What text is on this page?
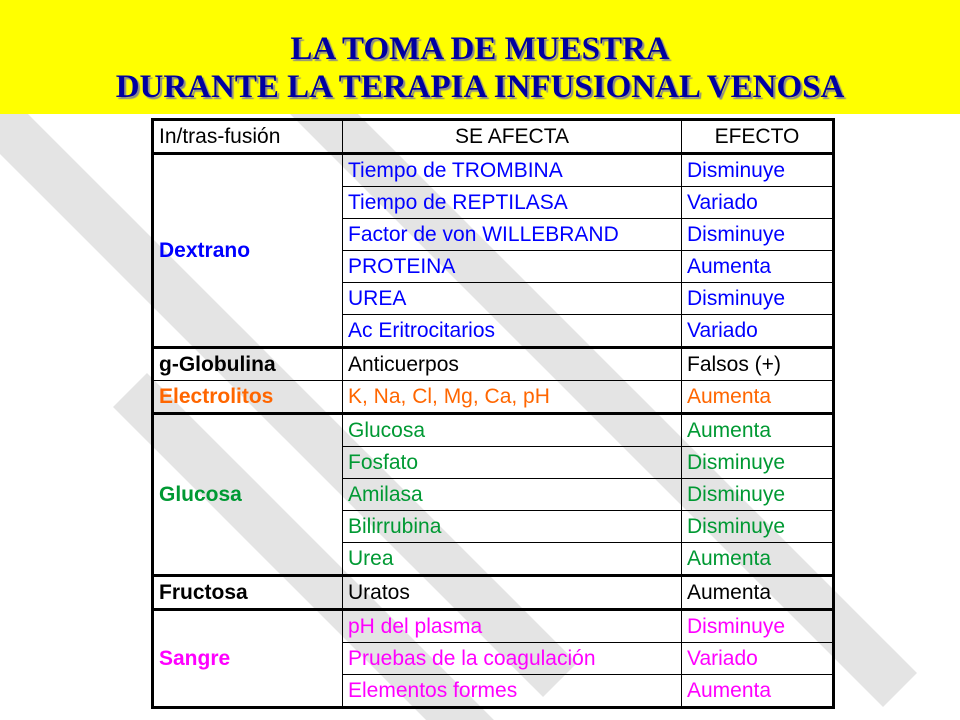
LA TOMA DE MUESTRA
DURANTE LA TERAPIA INFUSIONAL VENOSA
In/tras-fusión	SE AFECTA	EFECTO
Dextrano	Tiempo de TROMBINA	Disminuye
	Tiempo de REPTILASA	Variado
	Factor de von WILLEBRAND	Disminuye
	PROTEINA	Aumenta
	UREA	Disminuye
	Ac Eritrocitarios	Variado
g-Globulina	Anticuerpos	Falsos (+)
Electrolitos	K, Na, Cl, Mg, Ca, pH	Aumenta
Glucosa	Glucosa	Aumenta
	Fosfato	Disminuye
	Amilasa	Disminuye
	Bilirrubina	Disminuye
	Urea	Aumenta
Fructosa	Uratos	Aumenta
Sangre	pH del plasma	Disminuye
	Pruebas de la coagulación	Variado
	Elementos formes	Aumenta
